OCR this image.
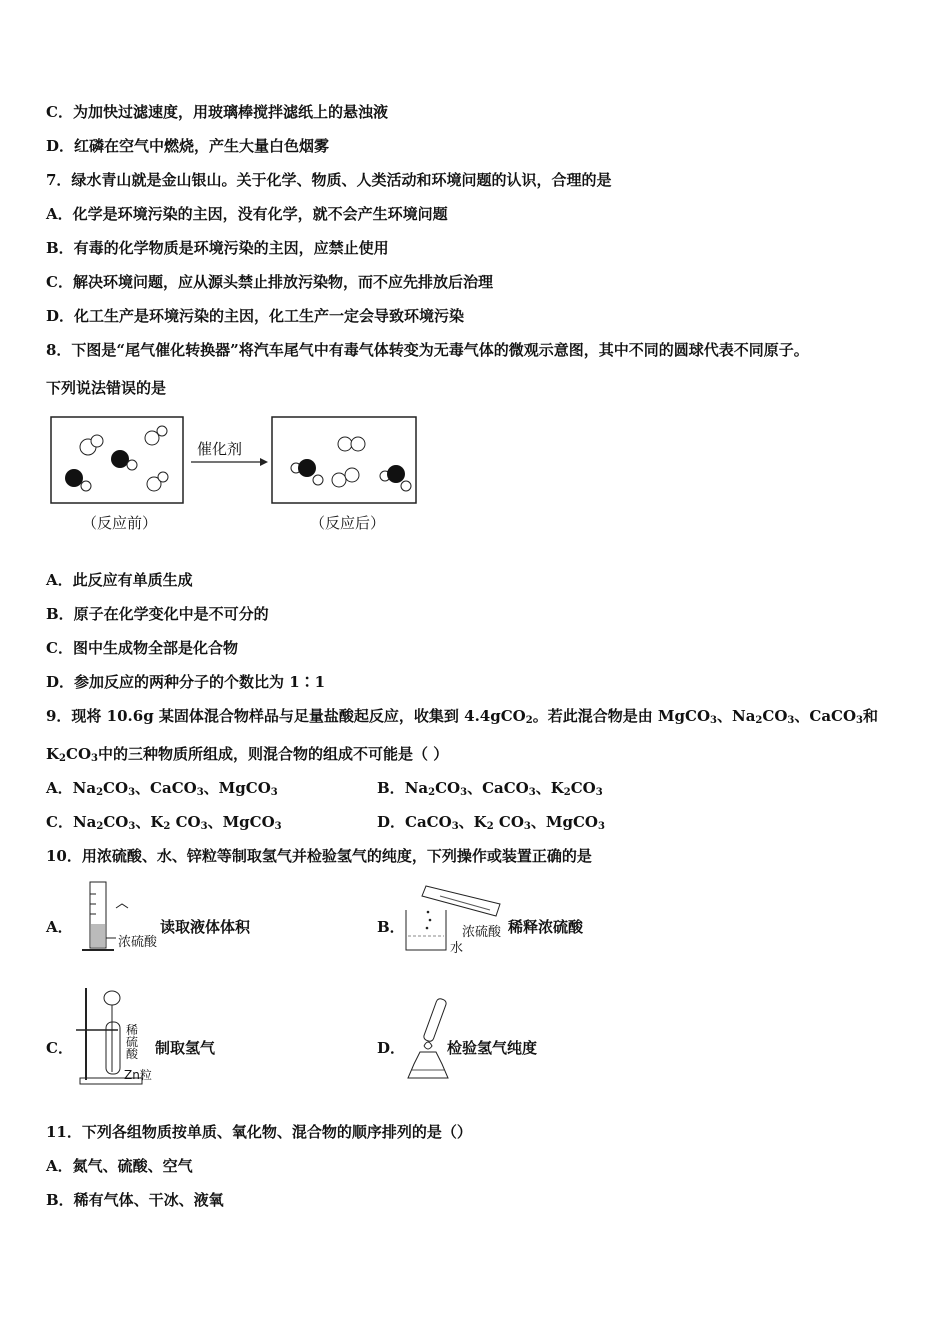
C．为加快过滤速度，用玻璃棒搅拌滤纸上的悬浊液
D．红磷在空气中燃烧，产生大量白色烟雾
7．绿水青山就是金山银山。关于化学、物质、人类活动和环境问题的认识，合理的是
A．化学是环境污染的主因，没有化学，就不会产生环境问题
B．有毒的化学物质是环境污染的主因，应禁止使用
C．解决环境问题，应从源头禁止排放污染物，而不应先排放后治理
D．化工生产是环境污染的主因，化工生产一定会导致环境污染
8．下图是“尾气催化转换器”将汽车尾气中有毒气体转变为无毒气体的微观示意图，其中不同的圆球代表不同原子。
下列说法错误的是
催化剂
（反应前）	（反应后）
A．此反应有单质生成
B．原子在化学变化中是不可分的
C．图中生成物全部是化合物
D．参加反应的两种分子的个数比为 1∶1
9．现将 10.6g 某固体混合物样品与足量盐酸起反应，收集到 4.4gCO$_2$。若此混合物是由 MgCO$_3$、$Na_2CO_3$、CaCO$_3$和
$K_2CO_3$中的三种物质所组成，则混合物的组成不可能是（ ）
A．$Na_2CO_3$、CaCO$_3$、MgCO$_3$	B．$Na_2CO_3$、CaCO$_3$、$K_2CO_3$
C．$Na_2CO_3$、$K_2$ $CO_3$、MgCO$_3$	D．CaCO$_3$、$K_2$ $CO_3$、MgCO$_3$
10．用浓硫酸、水、锌粒等制取氢气并检验氢气的纯度，下列操作或装置正确的是
A．
浓硫酸
读取液体体积	B．	浓硫酸
水
稀释浓硫酸
C．
稀硫酸
Zn粒
制取氢气	D．	检验氢气纯度
11．下列各组物质按单质、氧化物、混合物的顺序排列的是（）
A．氮气、硫酸、空气
B．稀有气体、干冰、液氧
